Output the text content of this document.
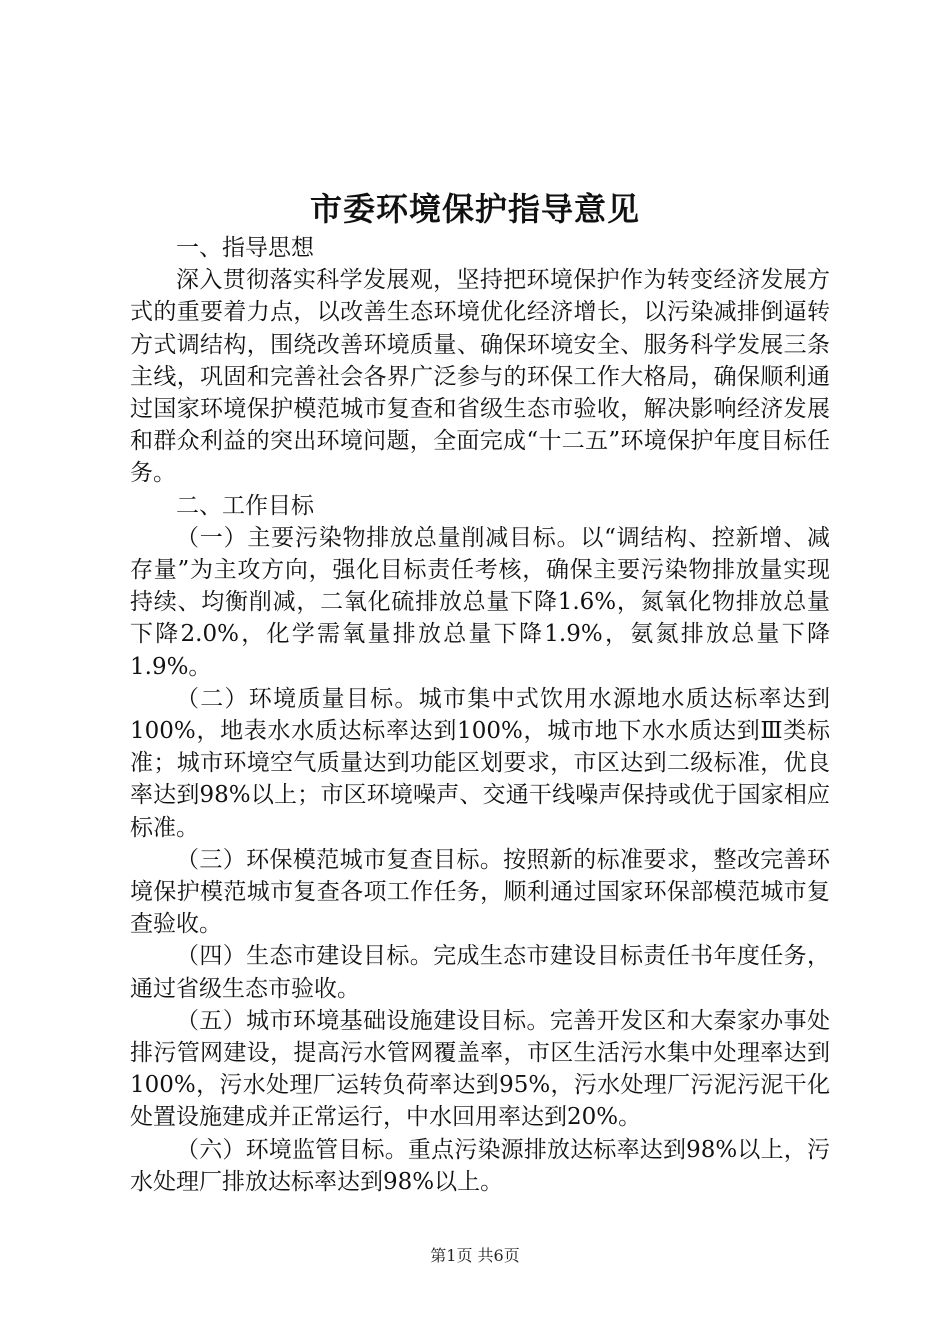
市委环境保护指导意见

一、指导思想

深入贯彻落实科学发展观，坚持把环境保护作为转变经济发展方式的重要着力点，以改善生态环境优化经济增长，以污染减排倒逼转方式调结构，围绕改善环境质量、确保环境安全、服务科学发展三条主线，巩固和完善社会各界广泛参与的环保工作大格局，确保顺利通过国家环境保护模范城市复查和省级生态市验收，解决影响经济发展和群众利益的突出环境问题，全面完成“十二五”环境保护年度目标任务。

二、工作目标

（一）主要污染物排放总量削减目标。以“调结构、控新增、减存量”为主攻方向，强化目标责任考核，确保主要污染物排放量实现持续、均衡削减，二氧化硫排放总量下降1.6%，氮氧化物排放总量下降2.0%，化学需氧量排放总量下降1.9%，氨氮排放总量下降1.9%。

（二）环境质量目标。城市集中式饮用水源地水质达标率达到100%，地表水水质达标率达到100%，城市地下水水质达到Ⅲ类标准；城市环境空气质量达到功能区划要求，市区达到二级标准，优良率达到98%以上；市区环境噪声、交通干线噪声保持或优于国家相应标准。

（三）环保模范城市复查目标。按照新的标准要求，整改完善环境保护模范城市复查各项工作任务，顺利通过国家环保部模范城市复查验收。

（四）生态市建设目标。完成生态市建设目标责任书年度任务，通过省级生态市验收。

（五）城市环境基础设施建设目标。完善开发区和大秦家办事处排污管网建设，提高污水管网覆盖率，市区生活污水集中处理率达到100%，污水处理厂运转负荷率达到95%，污水处理厂污泥污泥干化处置设施建成并正常运行，中水回用率达到20%。

（六）环境监管目标。重点污染源排放达标率达到98%以上，污水处理厂排放达标率达到98%以上。

第1页 共6页
